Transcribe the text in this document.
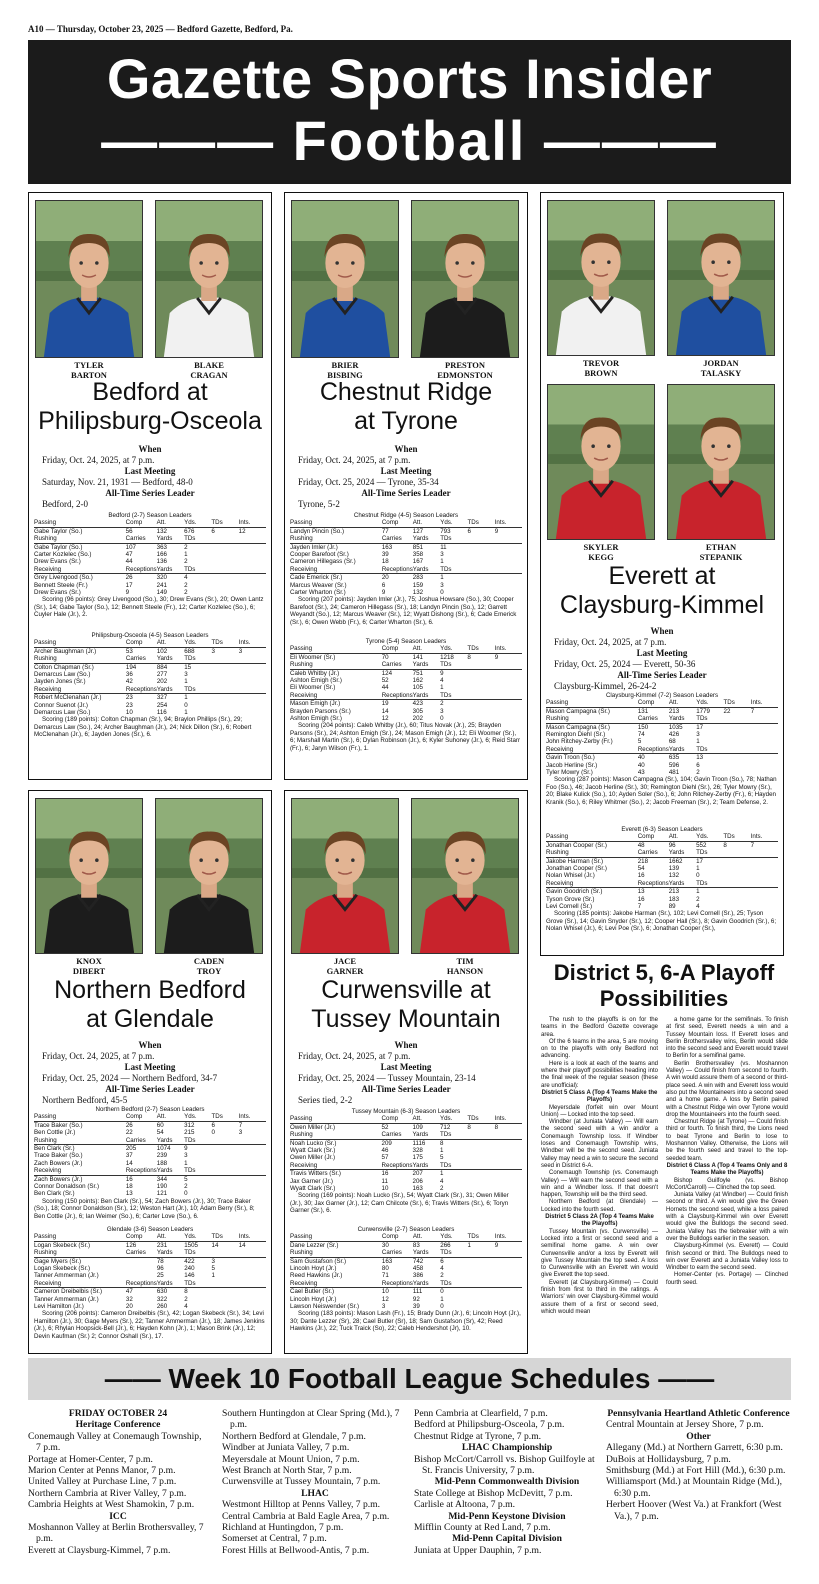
A10 — Thursday, October 23, 2025 — Bedford Gazette, Bedford, Pa.
Gazette Sports Insider
——— Football ———
TYLER
BARTON
BLAKE
CRAGAN
Bedford at
Philipsburg-Osceola
When
Friday, Oct. 24, 2025, at 7 p.m.
Last Meeting
Saturday, Nov. 21, 1931 — Bedford, 48-0
All-Time Series Leader
Bedford, 2-0
Bedford (2-7) Season Leaders
Passing	Comp	Att.	Yds.	TDs	Ints.
Gabe Taylor (So.)	56	132	676	6	12
Rushing	Carries	Yards	TDs		
Gabe Taylor (So.)	107	363	2		
Carter Kozlelec (So.)	47	166	1		
Drew Evans (Sr.)	44	136	2		
Receiving	Receptions	Yards	TDs		
Grey Livengood (So.)	26	320	4		
Bennett Steele (Fr.)	17	241	2		
Drew Evans (Sr.)	9	149	2		
Scoring (96 points): Grey Livengood (So.), 30; Drew Evans (Sr.), 20; Owen Lantz (Sr.), 14; Gabe Taylor (So.), 12; Bennett Steele (Fr.), 12; Carter Kozlelec (So.), 6; Cuyler Hale (Jr.), 2.
Philipsburg-Osceola (4-5) Season Leaders
Passing	Comp	Att.	Yds.	TDs	Ints.
Archer Baughman (Jr.)	53	102	688	3	3
Rushing	Carries	Yards	TDs		
Colton Chapman (Sr.)	194	884	15		
Demarcus Law (So.)	36	277	3		
Jayden Jones (Sr.)	42	202	1		
Receiving	Receptions	Yards	TDs		
Robert McClenahan (Jr.)	23	327	1		
Connor Suenot (Jr.)	23	254	0		
Demarcus Law (So.)	10	116	1		
Scoring (189 points): Colton Chapman (Sr.), 94; Braylon Phillips (Sr.), 29; Demarcus Law (So.), 24; Archer Baughman (Jr.), 24; Nick Dillon (Sr.), 6; Robert McClenahan (Jr.), 6; Jayden Jones (Sr.), 6.
BRIER
BISBING
PRESTON
EDMONSTON
Chestnut Ridge
at Tyrone
When
Friday, Oct. 24, 2025, at 7 p.m.
Last Meeting
Friday, Oct. 25, 2024 — Tyrone, 35-34
All-Time Series Leader
Tyrone, 5-2
Chestnut Ridge (4-5) Season Leaders
Passing	Comp	Att.	Yds.	TDs	Ints.
Landyn Pincin (So.)	77	127	793	6	9
Rushing	Carries	Yards	TDs		
Jayden Imler (Jr.)	163	851	11		
Cooper Barefoot (Sr.)	39	358	3		
Cameron Hillegass (Sr.)	18	167	1		
Receiving	Receptions	Yards	TDs		
Cade Emerick (Sr.)	20	283	1		
Marcus Weaver (Sr.)	6	159	3		
Carter Wharton (Sr.)	9	132	0		
Scoring (207 points): Jayden Imler (Jr.), 75; Joshua Howsare (So.), 30; Cooper Barefoot (Sr.), 24; Cameron Hillegass (Sr.), 18; Landyn Pincin (So.), 12; Garrett Weyandt (So.), 12; Marcus Weaver (Sr.), 12; Wyatt Dishong (Sr.), 6; Cade Emerick (Sr.), 6; Owen Webb (Fr.), 6; Carter Wharton (Sr.), 6.
Tyrone (5-4) Season Leaders
Passing	Comp	Att.	Yds.	TDs	Ints.
Eli Woomer (Sr.)	70	141	1218	8	9
Rushing	Carries	Yards	TDs		
Caleb Whitby (Jr.)	124	751	9		
Ashton Emigh (Sr.)	52	162	4		
Eli Woomer (Sr.)	44	105	1		
Receiving	Receptions	Yards	TDs		
Mason Emigh (Jr.)	19	423	2		
Brayden Parsons (Sr.)	14	305	3		
Ashton Emigh (Sr.)	12	202	0		
Scoring (204 points): Caleb Whitby (Jr.), 60; Titus Novak (Jr.), 25; Brayden Parsons (Sr.), 24; Ashton Emigh (Sr.), 24; Mason Emigh (Jr.), 12; Eli Woomer (Sr.), 6; Marshall Martin (Sr.), 6; Dylan Robinson (Jr.), 6; Kyler Suhoney (Jr.), 6; Reid Starr (Fr.), 6; Jaryn Wilson (Fr.), 1.
TREVOR
BROWN
JORDAN
TALASKY
SKYLER
KEGG
ETHAN
STEPANIK
Everett at
Claysburg-Kimmel
When
Friday, Oct. 24, 2025, at 7 p.m.
Last Meeting
Friday, Oct. 25, 2024 — Everett, 50-36
All-Time Series Leader
Claysburg-Kimmel, 26-24-2
Claysburg-Kimmel (7-2) Season Leaders
Passing	Comp	Att.	Yds.	TDs	Ints.
Mason Campagna (Sr.)	131	213	1779	22	7
Rushing	Carries	Yards	TDs		
Mason Campagna (Sr.)	150	1035	17		
Remington Diehl (Sr.)	74	426	3		
John Ritchey-Zerby (Fr.)	5	68	1		
Receiving	Receptions	Yards	TDs		
Gavin Troon (So.)	40	635	13		
Jacob Herline (Sr.)	40	596	6		
Tyler Mowry (Sr.)	43	481	2		
Scoring (287 points): Mason Campagna (Sr.), 104; Gavin Troon (So.), 78; Nathan Foo (So.), 46; Jacob Herline (Sr.), 30; Remington Diehl (Sr.), 26; Tyler Mowry (Sr.), 20; Blake Kulick (So.), 10; Ayden Soler (So.), 6; John Ritchey-Zerby (Fr.), 6; Hayden Kranik (So.), 6; Riley Whitmer (So.), 2; Jacob Freeman (Sr.), 2; Team Defense, 2.
Everett (6-3) Season Leaders
Passing	Comp	Att.	Yds.	TDs	Ints.
Jonathan Cooper (Sr.)	48	96	552	8	7
Rushing	Carries	Yards	TDs		
Jakobe Harman (Sr.)	218	1662	17		
Jonathan Cooper (Sr.)	54	139	1		
Nolan Whisel (Jr.)	16	132	0		
Receiving	Receptions	Yards	TDs		
Gavin Goodrich (Sr.)	13	213	1		
Tyson Grove (Sr.)	16	183	2		
Levi Cornell (Sr.)	7	89	4		
Scoring (185 points): Jakobe Harman (Sr.), 102; Levi Cornell (Sr.), 25; Tyson Grove (Sr.), 14; Gavin Snyder (Sr.), 12; Cooper Hall (Sr.), 8; Gavin Goodrich (Sr.), 6; Nolan Whisel (Jr.), 6; Levi Poe (Sr.), 6; Jonathan Cooper (Sr.),
KNOX
DIBERT
CADEN
TROY
Northern Bedford
at Glendale
When
Friday, Oct. 24, 2025, at 7 p.m.
Last Meeting
Friday, Oct. 25, 2024 — Northern Bedford, 34-7
All-Time Series Leader
Northern Bedford, 45-5
Northern Bedford (2-7) Season Leaders
Passing	Comp	Att.	Yds.	TDs	Ints.
Trace Baker (So.)	26	60	312	6	7
Ben Cottle (Jr.)	22	54	215	0	3
Rushing	Carries	Yards	TDs		
Ben Clark (Sr.)	205	1074	9		
Trace Baker (So.)	37	239	3		
Zach Bowers (Jr.)	14	188	1		
Receiving	Receptions	Yards	TDs		
Zach Bowers (Jr.)	16	344	5		
Connor Donaldson (Sr.)	18	190	2		
Ben Clark (Sr.)	13	121	0		
Scoring (150 points): Ben Clark (Sr.), 54; Zach Bowers (Jr.), 30; Trace Baker (So.), 18; Connor Donaldson (Sr.), 12; Weston Hart (Jr.), 10; Adam Berry (Sr.), 8; Ben Cottle (Jr.), 6; Ian Weimer (So.), 6; Carter Love (So.), 6.
Glendale (3-6) Season Leaders
Passing	Comp	Att.	Yds.	TDs	Ints.
Logan Skebeck (Sr.)	126	231	1505	14	14
Rushing	Carries	Yards	TDs		
Gage Myers (Sr.)		78	422	3	
Logan Skebeck (Sr.)		96	240	5	
Tanner Ammerman (Jr.)		25	146	1	
Receiving	Receptions	Yards	TDs		
Cameron Dreibelbis (Sr.)	47	630	8		
Tanner Ammerman (Jr.)	32	322	2		
Levi Hamilton (Jr.)	20	260	4		
Scoring (206 points): Cameron Dreibelbis (Sr.), 42; Logan Skebeck (Sr.), 34; Levi Hamilton (Jr.), 30; Gage Myers (Sr.), 22; Tanner Ammerman (Jr.), 18; James Jenkins (Jr.), 6; Rhylan Hoopsick-Bell (Jr.), 6; Hayden Kohn (Jr.), 1; Mason Brink (Jr.), 12; Devin Kaufman (Sr.) 2; Connor Oshall (Sr.), 17.
JACE
GARNER
TIM
HANSON
Curwensville at
Tussey Mountain
When
Friday, Oct. 24, 2025, at 7 p.m.
Last Meeting
Friday, Oct. 25, 2024 — Tussey Mountain, 23-14
All-Time Series Leader
Series tied, 2-2
Tussey Mountain (6-3) Season Leaders
Passing	Comp	Att.	Yds.	TDs	Ints.
Owen Miller (Jr.)	52	109	712	8	8
Rushing	Carries	Yards	TDs		
Noah Lucko (Sr.)	209	1116	8		
Wyatt Clark (Sr.)	46	328	1		
Owen Miller (Jr.)	57	175	5		
Receiving	Receptions	Yards	TDs		
Travis Witters (Sr.)	16	207	1		
Jax Garner (Jr.)	11	206	4		
Wyatt Clark (Sr.)	10	163	2		
Scoring (169 points): Noah Lucko (Sr.), 54; Wyatt Clark (Sr.), 31; Owen Miller (Jr.), 30; Jax Garner (Jr.), 12; Cam Chilcote (Sr.), 6; Travis Witters (Sr.), 6; Toryn Garner (Sr.), 6.
Curwensville (2-7) Season Leaders
Passing	Comp	Att.	Yds.	TDs	Ints.
Dane Lezzer (Sr.)	30	83	266	1	9
Rushing	Carries	Yards	TDs		
Sam Gustafson (Sr.)	163	742	6		
Lincoln Hoyt (Jr.)	80	458	4		
Reed Hawkins (Jr.)	71	386	2		
Receiving	Receptions	Yards	TDs		
Cael Butler (Sr.)	10	111	0		
Lincoln Hoyt (Jr.)	12	92	1		
Lawson Neiswender (Sr.)	3	39	0		
Scoring (183 points): Mason Lash (Fr.), 15; Brady Dunn (Jr.), 6; Lincoln Hoyt (Jr.), 30; Dante Lezzer (Sr), 28; Cael Butler (Sr), 18; Sam Gustafson (Sr), 42; Reed Hawkins (Jr.), 22; Tuck Traick (So), 22; Caleb Hendershot (Jr), 10.
District 5, 6-A Playoff Possibilities
The rush to the playoffs is on for the teams in the Bedford Gazette coverage area.
Of the 6 teams in the area, 5 are moving on to the playoffs with only Bedford not advancing.
Here is a look at each of the teams and where their playoff possibilities heading into the final week of the regular season (these are unofficial):
District 5 Class A (Top 4 Teams Make the Playoffs)
Meyersdale (forfeit win over Mount Union) — Locked into the top seed.
Windber (at Juniata Valley) — Will earn the second seed with a win and/or a Conemaugh Township loss. If Windber loses and Conemaugh Township wins, Windber will be the second seed. Juniata Valley may need a win to secure the second seed in District 6-A.
Conemaugh Township (vs. Conemaugh Valley) — Will earn the second seed with a win and a Windber loss. If that doesn't happen, Township will be the third seed.
Northern Bedford (at Glendale) — Locked into the fourth seed.
District 5 Class 2A (Top 4 Teams Make the Playoffs)
Tussey Mountain (vs. Curwensville) — Locked into a first or second seed and a semifinal home game. A win over Curwensville and/or a loss by Everett will give Tussey Mountain the top seed. A loss to Curwensville with an Everett win would give Everett the top seed.
Everett (at Claysburg-Kimmel) — Could finish from first to third in the ratings. A Warriors' win over Claysburg-Kimmel would assure them of a first or second seed, which would mean
a home game for the semifinals. To finish at first seed, Everett needs a win and a Tussey Mountain loss. If Everett loses and Berlin Brothersvalley wins, Berlin would slide into the second seed and Everett would travel to Berlin for a semifinal game.
Berlin Brothersvalley (vs. Moshannon Valley) — Could finish from second to fourth. A win would assure them of a second or third-place seed. A win with and Everett loss would also put the Mountaineers into a second seed and a home game. A loss by Berlin paired with a Chestnut Ridge win over Tyrone would drop the Mountaineers into the fourth seed.
Chestnut Ridge (at Tyrone) — Could finish third or fourth. To finish third, the Lions need to beat Tyrone and Berlin to lose to Moshannon Valley. Otherwise, the Lions will be the fourth seed and travel to the top-seeded team.
District 6 Class A (Top 4 Teams Only and 8 Teams Make the Playoffs)
Bishop Guilfoyle (vs. Bishop McCort/Carroll) — Clinched the top seed.
Juniata Valley (at Windber) — Could finish second or third. A win would give the Green Hornets the second seed, while a loss paired with a Claysburg-Kimmel win over Everett would give the Bulldogs the second seed. Juniata Valley has the tiebreaker with a win over the Bulldogs earlier in the season.
Claysburg-Kimmel (vs. Everett) — Could finish second or third. The Bulldogs need to win over Everett and a Juniata Valley loss to Windber to earn the second seed.
Homer-Center (vs. Portage) — Clinched fourth seed.
—— Week 10 Football League Schedules ——
FRIDAY OCTOBER 24
Heritage Conference
Conemaugh Valley at Conemaugh Township, 7 p.m.
Portage at Homer-Center, 7 p.m.
Marion Center at Penns Manor, 7 p.m.
United Valley at Purchase Line, 7 p.m.
Northern Cambria at River Valley, 7 p.m.
Cambria Heights at West Shamokin, 7 p.m.
ICC
Moshannon Valley at Berlin Brothersvalley, 7 p.m.
Everett at Claysburg-Kimmel, 7 p.m.
Southern Huntingdon at Clear Spring (Md.), 7 p.m.
Northern Bedford at Glendale, 7 p.m.
Windber at Juniata Valley, 7 p.m.
Meyersdale at Mount Union, 7 p.m.
West Branch at North Star, 7 p.m.
Curwensville at Tussey Mountain, 7 p.m.
LHAC
Westmont Hilltop at Penns Valley, 7 p.m.
Central Cambria at Bald Eagle Area, 7 p.m.
Richland at Huntingdon, 7 p.m.
Somerset at Central, 7 p.m.
Forest Hills at Bellwood-Antis, 7 p.m.
Penn Cambria at Clearfield, 7 p.m.
Bedford at Philipsburg-Osceola, 7 p.m.
Chestnut Ridge at Tyrone, 7 p.m.
LHAC Championship
Bishop McCort/Carroll vs. Bishop Guilfoyle at St. Francis University, 7 p.m.
Mid-Penn Commonwealth Division
State College at Bishop McDevitt, 7 p.m.
Carlisle at Altoona, 7 p.m.
Mid-Penn Keystone Division
Mifflin County at Red Land, 7 p.m.
Mid-Penn Capital Division
Juniata at Upper Dauphin, 7 p.m.
Pennsylvania Heartland Athletic Conference
Central Mountain at Jersey Shore, 7 p.m.
Other
Allegany (Md.) at Northern Garrett, 6:30 p.m.
DuBois at Hollidaysburg, 7 p.m.
Smithsburg (Md.) at Fort Hill (Md.), 6:30 p.m.
Williamsport (Md.) at Mountain Ridge (Md.), 6:30 p.m.
Herbert Hoover (West Va.) at Frankfort (West Va.), 7 p.m.
